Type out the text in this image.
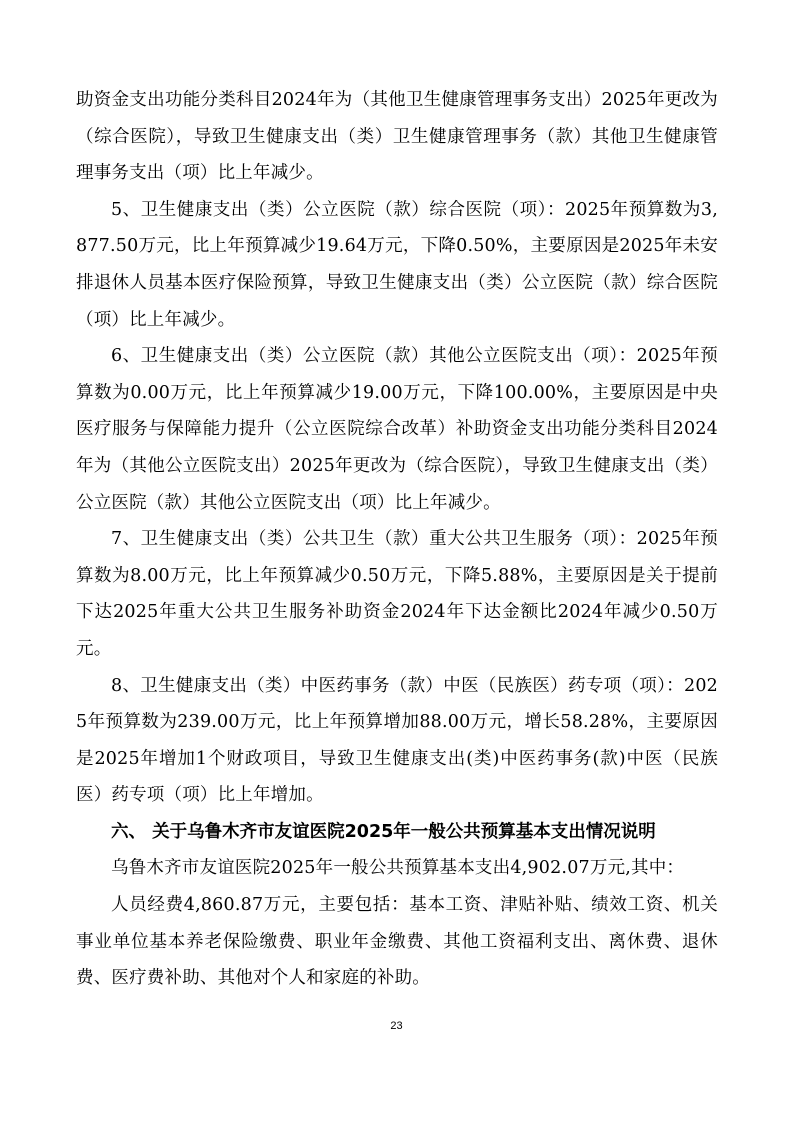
助资金支出功能分类科目2024年为（其他卫生健康管理事务支出）2025年更改为（综合医院），导致卫生健康支出（类）卫生健康管理事务（款）其他卫生健康管理事务支出（项）比上年减少。

5、卫生健康支出（类）公立医院（款）综合医院（项）：2025年预算数为3,877.50万元，比上年预算减少19.64万元，下降0.50%，主要原因是2025年未安排退休人员基本医疗保险预算，导致卫生健康支出（类）公立医院（款）综合医院（项）比上年减少。

6、卫生健康支出（类）公立医院（款）其他公立医院支出（项）：2025年预算数为0.00万元，比上年预算减少19.00万元，下降100.00%，主要原因是中央医疗服务与保障能力提升（公立医院综合改革）补助资金支出功能分类科目2024年为（其他公立医院支出）2025年更改为（综合医院），导致卫生健康支出（类）公立医院（款）其他公立医院支出（项）比上年减少。

7、卫生健康支出（类）公共卫生（款）重大公共卫生服务（项）：2025年预算数为8.00万元，比上年预算减少0.50万元，下降5.88%，主要原因是关于提前下达2025年重大公共卫生服务补助资金2024年下达金额比2024年减少0.50万元。

8、卫生健康支出（类）中医药事务（款）中医（民族医）药专项（项）：2025年预算数为239.00万元，比上年预算增加88.00万元，增长58.28%，主要原因是2025年增加1个财政项目，导致卫生健康支出(类)中医药事务(款)中医（民族医）药专项（项）比上年增加。

六、 关于乌鲁木齐市友谊医院2025年一般公共预算基本支出情况说明

乌鲁木齐市友谊医院2025年一般公共预算基本支出4,902.07万元,其中：

人员经费4,860.87万元，主要包括：基本工资、津贴补贴、绩效工资、机关事业单位基本养老保险缴费、职业年金缴费、其他工资福利支出、离休费、退休费、医疗费补助、其他对个人和家庭的补助。

23
